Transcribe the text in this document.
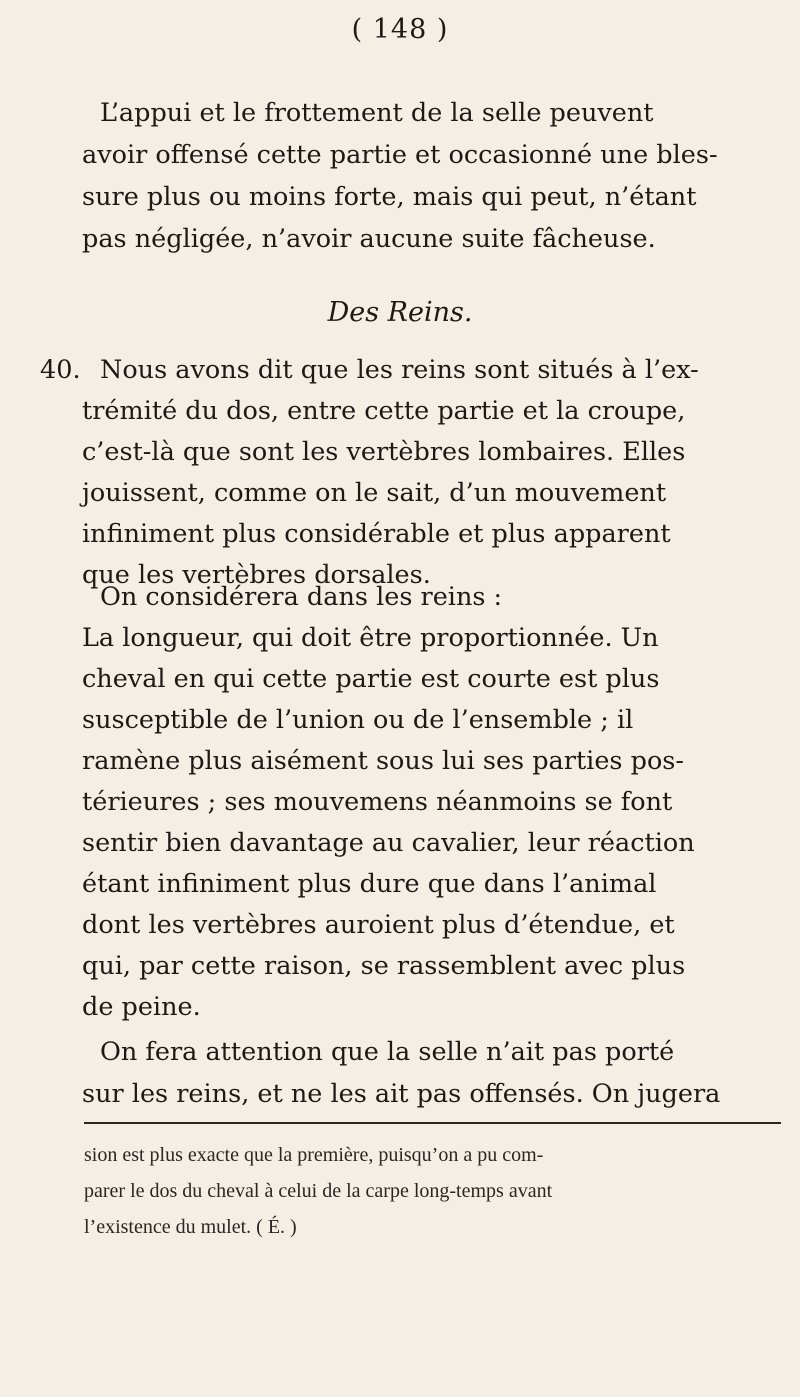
( 148 )
L’appui et le frottement de la selle peuvent
avoir offensé cette partie et occasionné une bles-
sure plus ou moins forte, mais qui peut, n’étant
pas négligée, n’avoir aucune suite fâcheuse.
Des Reins.
40. Nous avons dit que les reins sont situés à l’ex-
trémité du dos, entre cette partie et la croupe,
c’est-là que sont les vertèbres lombaires. Elles
jouissent, comme on le sait, d’un mouvement
infiniment plus considérable et plus apparent
que les vertèbres dorsales.
On considérera dans les reins :
La longueur, qui doit être proportionnée. Un
cheval en qui cette partie est courte est plus
susceptible de l’union ou de l’ensemble ; il
ramène plus aisément sous lui ses parties pos-
térieures ; ses mouvemens néanmoins se font
sentir bien davantage au cavalier, leur réaction
étant infiniment plus dure que dans l’animal
dont les vertèbres auroient plus d’étendue, et
qui, par cette raison, se rassemblent avec plus
de peine.
On fera attention que la selle n’ait pas porté
sion est plus exacte que la première, puisqu’on a pu com-
parer le dos du cheval à celui de la carpe long-temps avant
l’existence du mulet. ( É. )
sur les reins, et ne les ait pas offensés. On jugera
